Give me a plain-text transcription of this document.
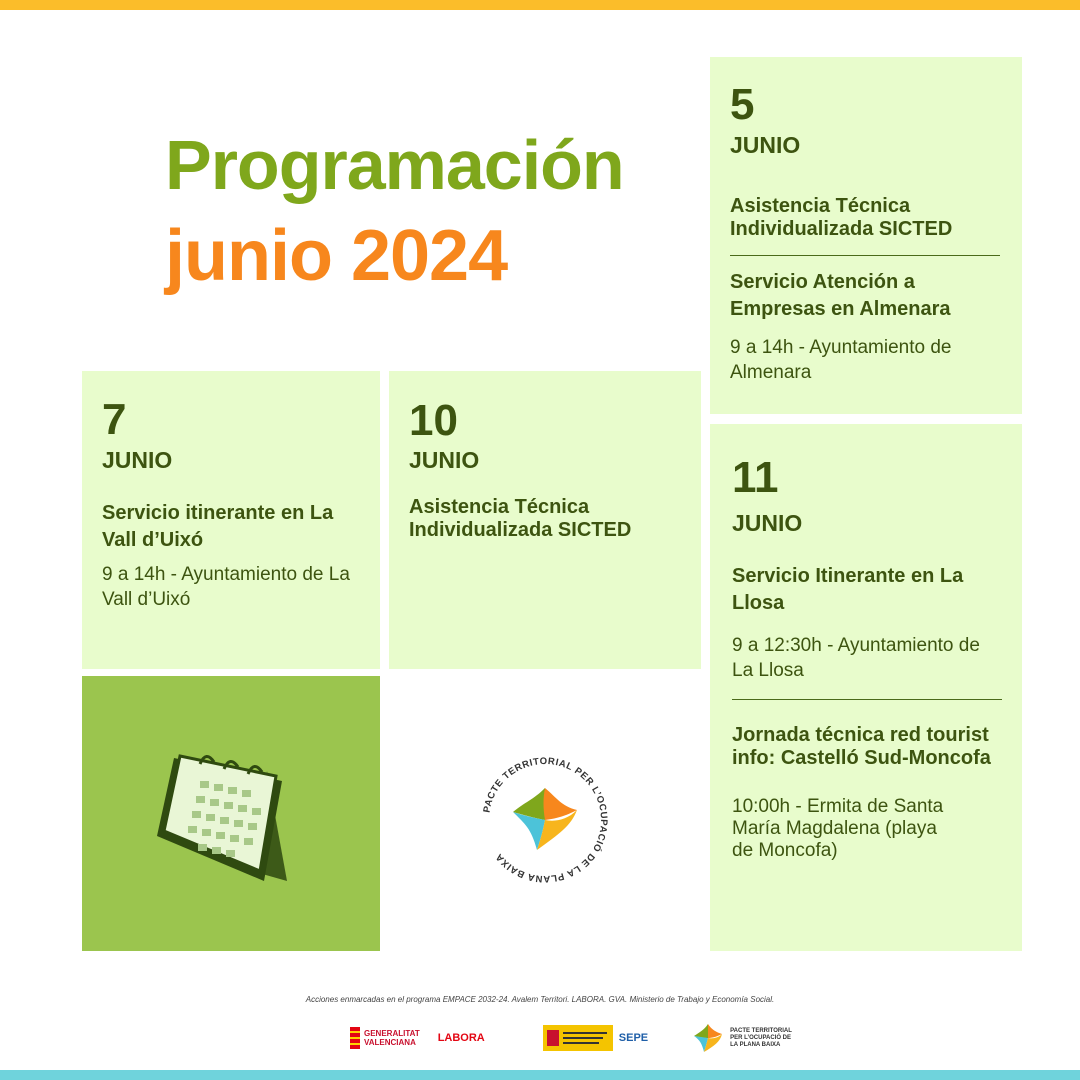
Programación
junio 2024
5
JUNIO
Asistencia Técnica Individualizada SICTED
Servicio Atención a Empresas en Almenara
9 a 14h - Ayuntamiento de Almenara
7
JUNIO
Servicio itinerante en La Vall d’Uixó
9 a 14h - Ayuntamiento de La Vall d’Uixó
10
JUNIO
Asistencia Técnica Individualizada SICTED
11
JUNIO
Servicio Itinerante en La Llosa
9 a 12:30h - Ayuntamiento de La Llosa
Jornada técnica red tourist info: Castelló Sud-Moncofa
10:00h - Ermita de Santa
María Magdalena (playa
de Moncofa)
PACTE TERRITORIAL PER L’OCUPACIÓ DE LA PLANA BAIXA
Acciones enmarcadas en el programa EMPACE 2032-24. Avalem Territori. LABORA. GVA. Ministerio de Trabajo y Economía Social.
GENERALITAT
VALENCIANA	LABORA	SEPE
PACTE TERRITORIAL
PER L’OCUPACIÓ DE
LA PLANA BAIXA
